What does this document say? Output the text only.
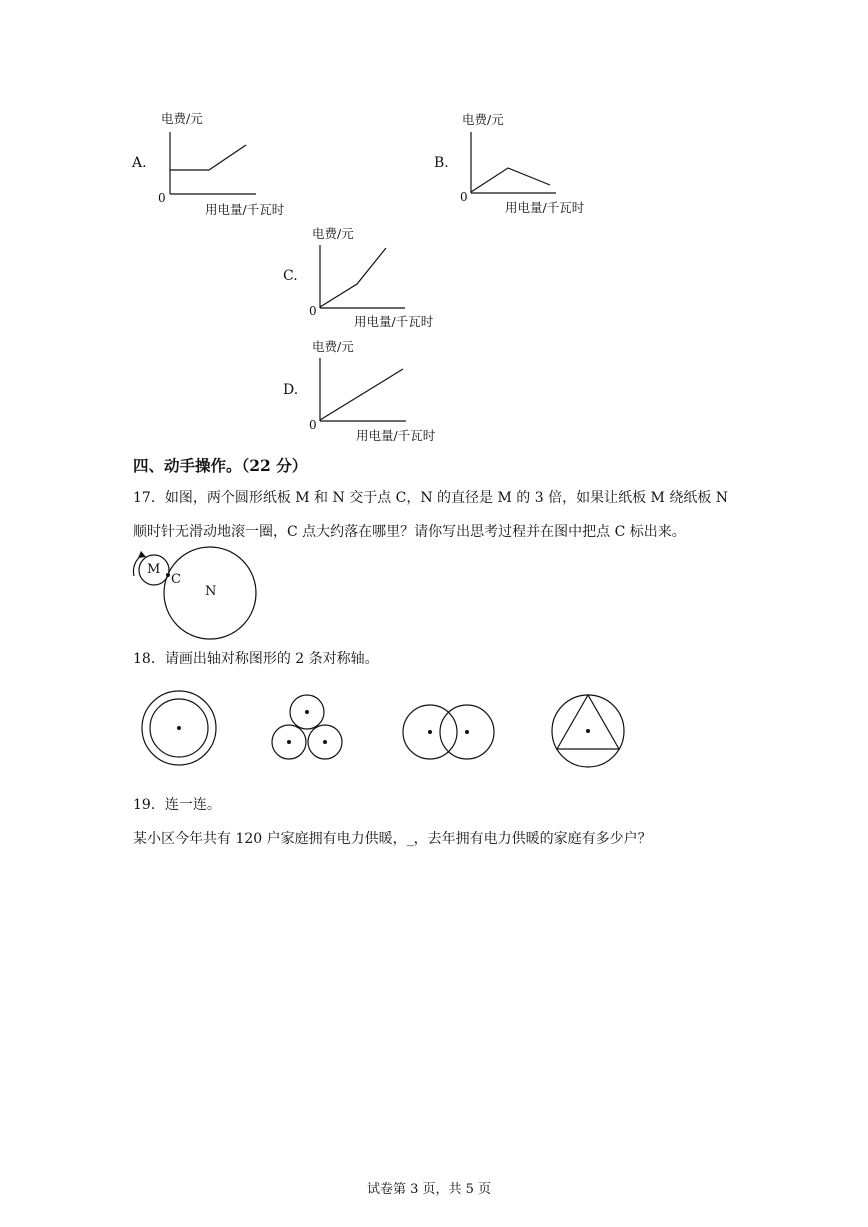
A.
电费/元
0
用电量/千瓦时
B.
电费/元
0
用电量/千瓦时
C.
电费/元
0
用电量/千瓦时
D.
电费/元
0
用电量/千瓦时
四、动手操作。（22 分）
17．如图，两个圆形纸板 M 和 N 交于点 C，N 的直径是 M 的 3 倍，如果让纸板 M 绕纸板 N
顺时针无滑动地滚一圈，C 点大约落在哪里？请你写出思考过程并在图中把点 C 标出来。
M
C
N
18．请画出轴对称图形的 2 条对称轴。
19．连一连。
某小区今年共有 120 户家庭拥有电力供暖，_，去年拥有电力供暖的家庭有多少户？
试卷第 3 页，共 5 页
